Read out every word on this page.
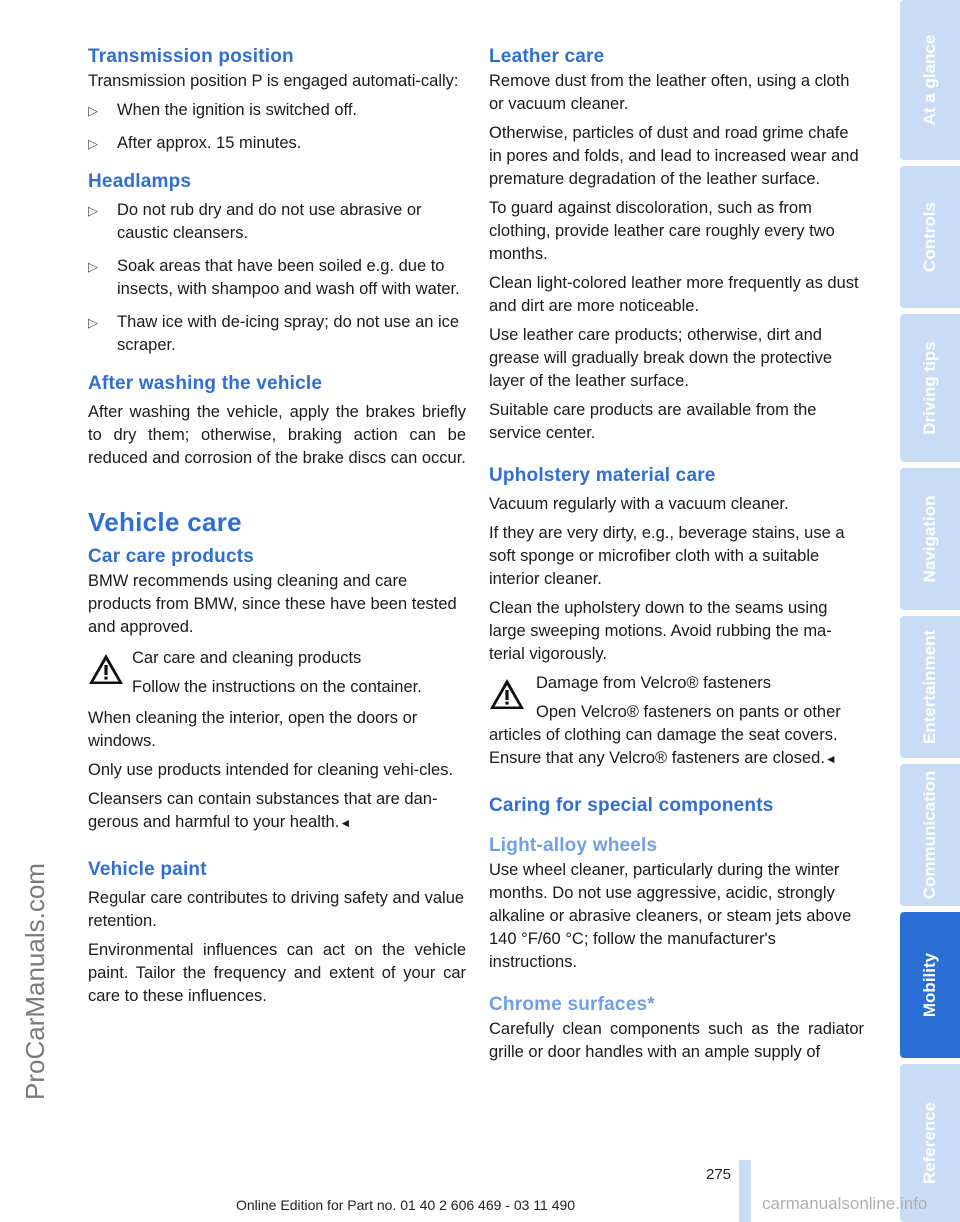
Transmission position

Transmission position P is engaged automati-cally:

▷ When the ignition is switched off.
▷ After approx. 15 minutes.
Headlamps
▷ Do not rub dry and do not use abrasive or caustic cleansers.
▷ Soak areas that have been soiled e.g. due to insects, with shampoo and wash off with water.
▷ Thaw ice with de-icing spray; do not use an ice scraper.
After washing the vehicle

After washing the vehicle, apply the brakes briefly to dry them; otherwise, braking action can be reduced and corrosion of the brake discs can occur.

Vehicle care
Car care products

BMW recommends using cleaning and care products from BMW, since these have been tested and approved.

Car care and cleaning products

Follow the instructions on the container.

When cleaning the interior, open the doors or windows.

Only use products intended for cleaning vehi-cles.

Cleansers can contain substances that are dan-gerous and harmful to your health.◄

Vehicle paint

Regular care contributes to driving safety and value retention.

Environmental influences can act on the vehicle paint. Tailor the frequency and extent of your car care to these influences.

Leather care

Remove dust from the leather often, using a cloth or vacuum cleaner.

Otherwise, particles of dust and road grime chafe in pores and folds, and lead to increased wear and premature degradation of the leather surface.

To guard against discoloration, such as from clothing, provide leather care roughly every two months.

Clean light-colored leather more frequently as dust and dirt are more noticeable.

Use leather care products; otherwise, dirt and grease will gradually break down the protective layer of the leather surface.

Suitable care products are available from the service center.

Upholstery material care

Vacuum regularly with a vacuum cleaner.

If they are very dirty, e.g., beverage stains, use a soft sponge or microfiber cloth with a suitable interior cleaner.

Clean the upholstery down to the seams using large sweeping motions. Avoid rubbing the ma-terial vigorously.

Damage from Velcro® fasteners

Open Velcro® fasteners on pants or other

articles of clothing can damage the seat covers. Ensure that any Velcro® fasteners are closed.◄

Caring for special components
Light-alloy wheels

Use wheel cleaner, particularly during the winter months. Do not use aggressive, acidic, strongly alkaline or abrasive cleaners, or steam jets above 140 °F/60 °C; follow the manufacturer's instructions.

Chrome surfaces*

Carefully clean components such as the radiator grille or door handles with an ample supply of

At a glance
Controls
Driving tips
Navigation
Entertainment
Communication
Mobility
Reference
ProCarManuals.com
275
Online Edition for Part no. 01 40 2 606 469 - 03 11 490	carmanualsonline.info
